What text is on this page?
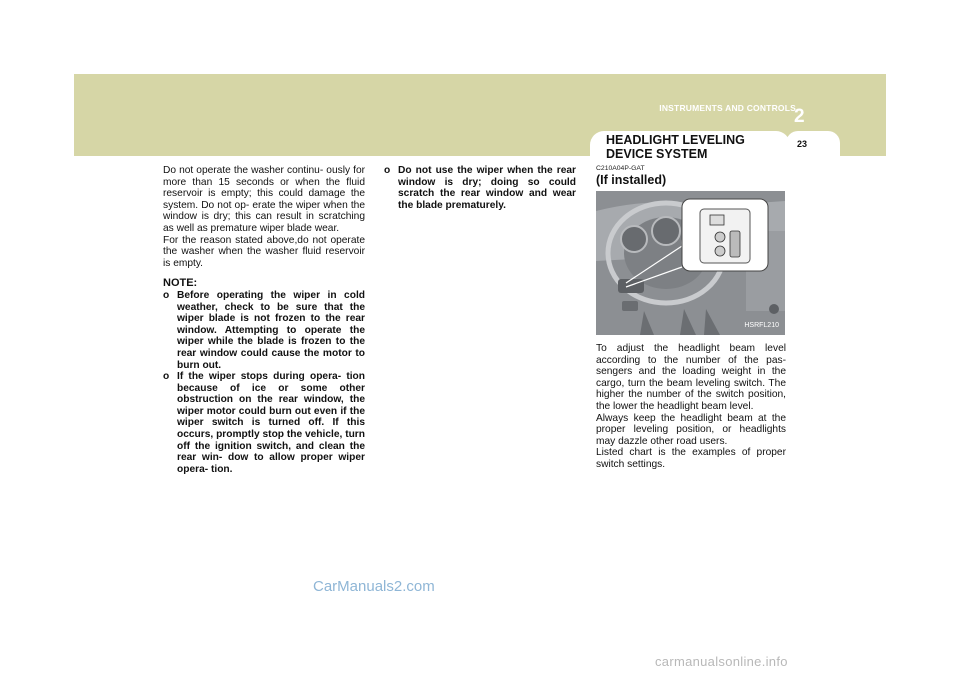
INSTRUMENTS AND CONTROLS
2
HEADLIGHT LEVELING
DEVICE SYSTEM
23

Do not operate the washer continu- ously for more than 15 seconds or when the fluid reservoir is empty; this could damage the system. Do not op- erate the wiper when the window is dry; this can result in scratching as well as premature wiper blade wear.

For the reason stated above,do not operate the washer when the washer fluid reservoir is empty.

NOTE:

o Before operating the wiper in cold weather, check to be sure that the wiper blade is not frozen to the rear window. Attempting to operate the wiper while the blade is frozen to the rear window could cause the motor to burn out.
o If the wiper stops during opera- tion because of ice or some other obstruction on the rear window, the wiper motor could burn out even if the wiper switch is turned off. If this occurs, promptly stop the vehicle, turn off the ignition switch, and clean the rear win- dow to allow proper wiper opera- tion.
o Do not use the wiper when the rear window is dry; doing so could scratch the rear window and wear the blade prematurely.
C210A04P-GAT
(If installed)
HSRFL210

To adjust the headlight beam level according to the number of the pas- sengers and the loading weight in the cargo, turn the beam leveling switch. The higher the number of the switch position, the lower the headlight beam level.

Always keep the headlight beam at the proper leveling position, or headlights may dazzle other road users.

Listed chart is the examples of proper switch settings.

CarManuals2.com
carmanualsonline.info
